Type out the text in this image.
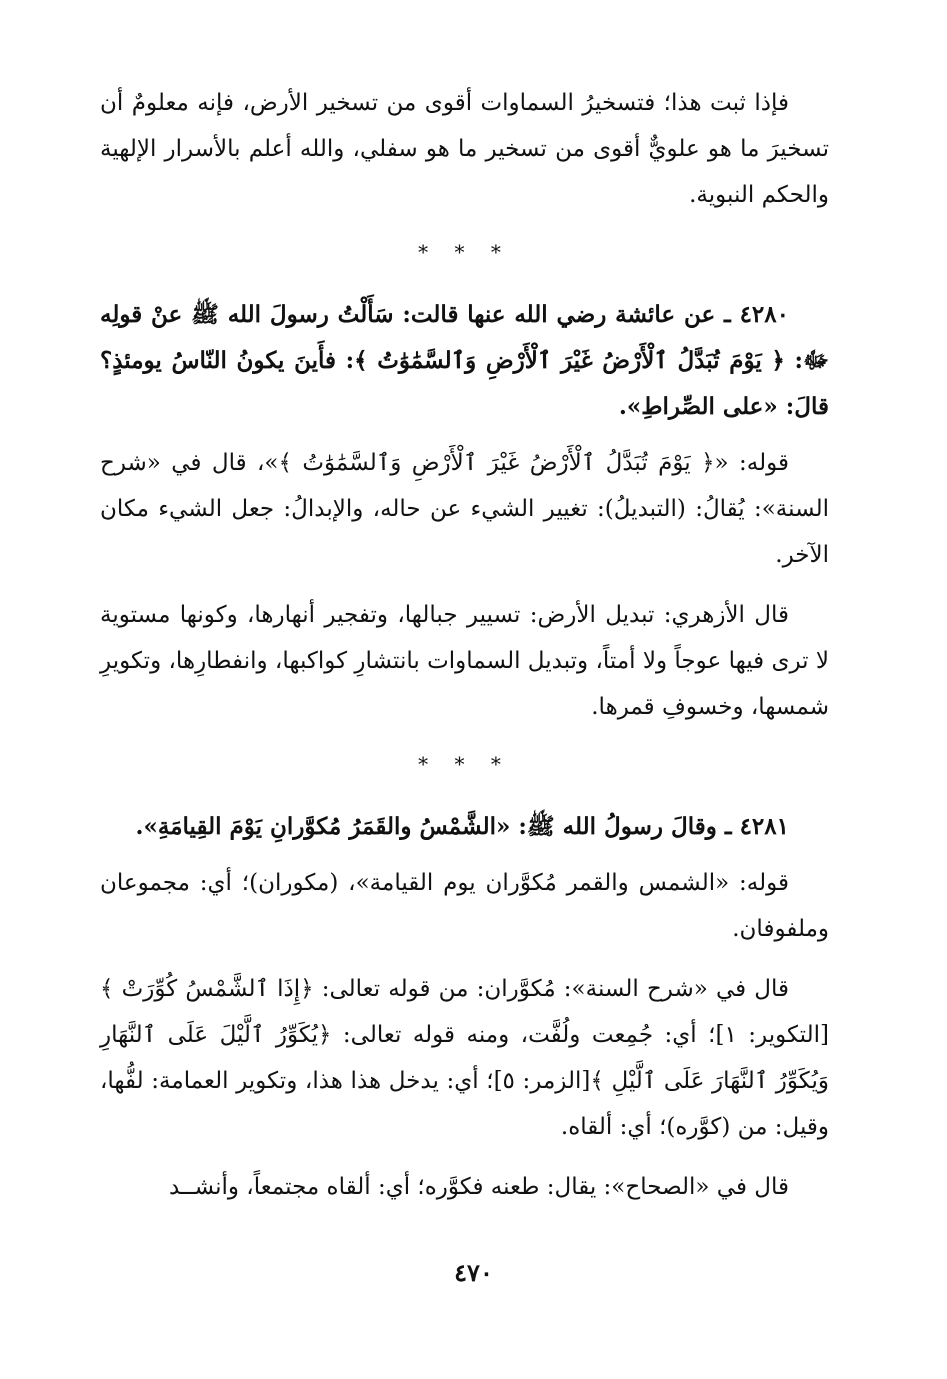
فإذا ثبت هذا؛ فتسخيرُ السماوات أقوى من تسخير الأرض، فإنه معلومٌ أن تسخيرَ ما هو علويٌّ أقوى من تسخير ما هو سفلي، والله أعلم بالأسرار الإلهية والحكم النبوية.

* * *

٤٢٨٠ ـ عن عائشة رضي الله عنها قالت: سَأَلْتُ رسولَ الله ﷺ عنْ قولِه ﷻ: ﴿ يَوْمَ تُبَدَّلُ ٱلْأَرْضُ غَيْرَ ٱلْأَرْضِ وَٱلسَّمَٰوَٰتُ ﴾: فأَينَ يكونُ النّاسُ يومئذٍ؟ قالَ: «على الصِّراطِ».

قوله: «﴿ يَوْمَ تُبَدَّلُ ٱلْأَرْضُ غَيْرَ ٱلْأَرْضِ وَٱلسَّمَٰوَٰتُ ﴾»، قال في «شرح السنة»: يُقالُ: (التبديلُ): تغيير الشيء عن حاله، والإبدالُ: جعل الشيء مكان الآخر.

قال الأزهري: تبديل الأرض: تسيير جبالها، وتفجير أنهارها، وكونها مستوية لا ترى فيها عوجاً ولا أمتاً، وتبديل السماوات بانتشارِ كواكبها، وانفطارِها، وتكويرِ شمسها، وخسوفِ قمرها.

* * *

٤٢٨١ ـ وقالَ رسولُ الله ﷺ: «الشَّمْسُ والقَمَرُ مُكوَّرانِ يَوْمَ القِيامَةِ».

قوله: «الشمس والقمر مُكوَّران يوم القيامة»، (مكوران)؛ أي: مجموعان وملفوفان.

قال في «شرح السنة»: مُكوَّران: من قوله تعالى: ﴿إِذَا ٱلشَّمْسُ كُوِّرَتْ ﴾ [التكوير: ١]؛ أي: جُمِعت ولُفَّت، ومنه قوله تعالى: ﴿يُكَوِّرُ ٱلَّيْلَ عَلَى ٱلنَّهَارِ وَيُكَوِّرُ ٱلنَّهَارَ عَلَى ٱلَّيْلِ ﴾[الزمر: ٥]؛ أي: يدخل هذا هذا، وتكوير العمامة: لفُّها، وقيل: من (كوَّره)؛ أي: ألقاه.

قال في «الصحاح»: يقال: طعنه فكوَّره؛ أي: ألقاه مجتمعاً، وأنشــد

٤٧٠
